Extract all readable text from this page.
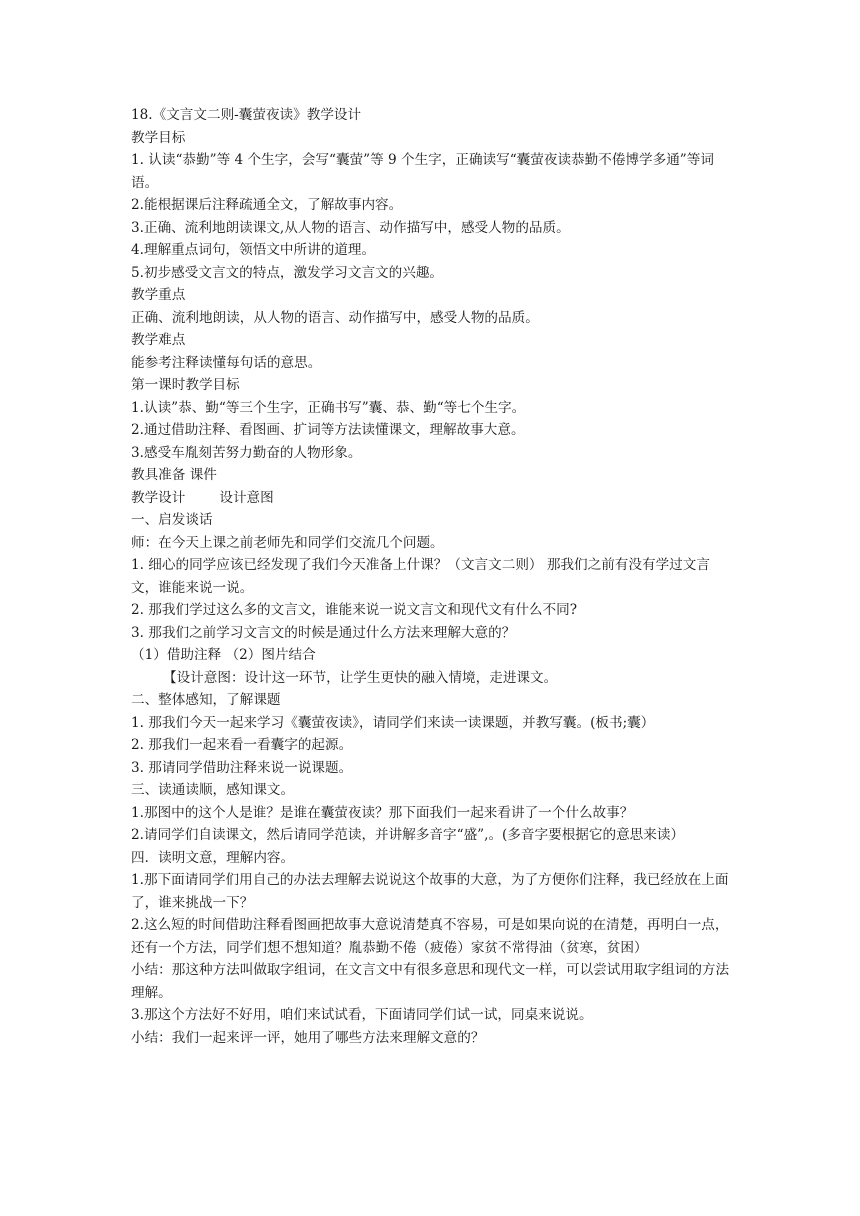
18.《文言文二则-囊萤夜读》教学设计
教学目标
1. 认读“恭勤”等 4 个生字，会写“囊萤”等 9 个生字，正确读写“囊萤夜读恭勤不倦博学多通”等词语。
2.能根据课后注释疏通全文，了解故事内容。
3.正确、流利地朗读课文,从人物的语言、动作描写中，感受人物的品质。
4.理解重点词句，领悟文中所讲的道理。
5.初步感受文言文的特点，激发学习文言文的兴趣。
教学重点
正确、流利地朗读，从人物的语言、动作描写中，感受人物的品质。
教学难点
能参考注释读懂每句话的意思。
第一课时教学目标
1.认读”恭、勤“等三个生字，正确书写”囊、恭、勤“等七个生字。
2.通过借助注释、看图画、扩词等方法读懂课文，理解故事大意。
3.感受车胤刻苦努力勤奋的人物形象。
教具准备 课件
教学设计	设计意图
一、启发谈话
师：在今天上课之前老师先和同学们交流几个问题。
1. 细心的同学应该已经发现了我们今天准备上什课？（文言文二则） 那我们之前有没有学过文言文，谁能来说一说。
2. 那我们学过这么多的文言文，谁能来说一说文言文和现代文有什么不同?
3. 那我们之前学习文言文的时候是通过什么方法来理解大意的？
（1）借助注释 （2）图片结合
【设计意图：设计这一环节，让学生更快的融入情境，走进课文。
二、整体感知，了解课题
1. 那我们今天一起来学习《囊萤夜读》，请同学们来读一读课题，并教写囊。(板书;囊）
2. 那我们一起来看一看囊字的起源。
3. 那请同学借助注释来说一说课题。
三、读通读顺，感知课文。
1.那图中的这个人是谁？是谁在囊萤夜读？那下面我们一起来看讲了一个什么故事？
2.请同学们自读课文，然后请同学范读，并讲解多音字“盛”,。(多音字要根据它的意思来读）
四．读明文意，理解内容。
1.那下面请同学们用自己的办法去理解去说说这个故事的大意，为了方便你们注释，我已经放在上面了，谁来挑战一下？
2.这么短的时间借助注释看图画把故事大意说清楚真不容易，可是如果向说的在清楚，再明白一点，还有一个方法，同学们想不想知道？胤恭勤不倦（疲倦）家贫不常得油（贫寒，贫困）
小结：那这种方法叫做取字组词，在文言文中有很多意思和现代文一样，可以尝试用取字组词的方法理解。
3.那这个方法好不好用，咱们来试试看，下面请同学们试一试，同桌来说说。
小结：我们一起来评一评，她用了哪些方法来理解文意的？
